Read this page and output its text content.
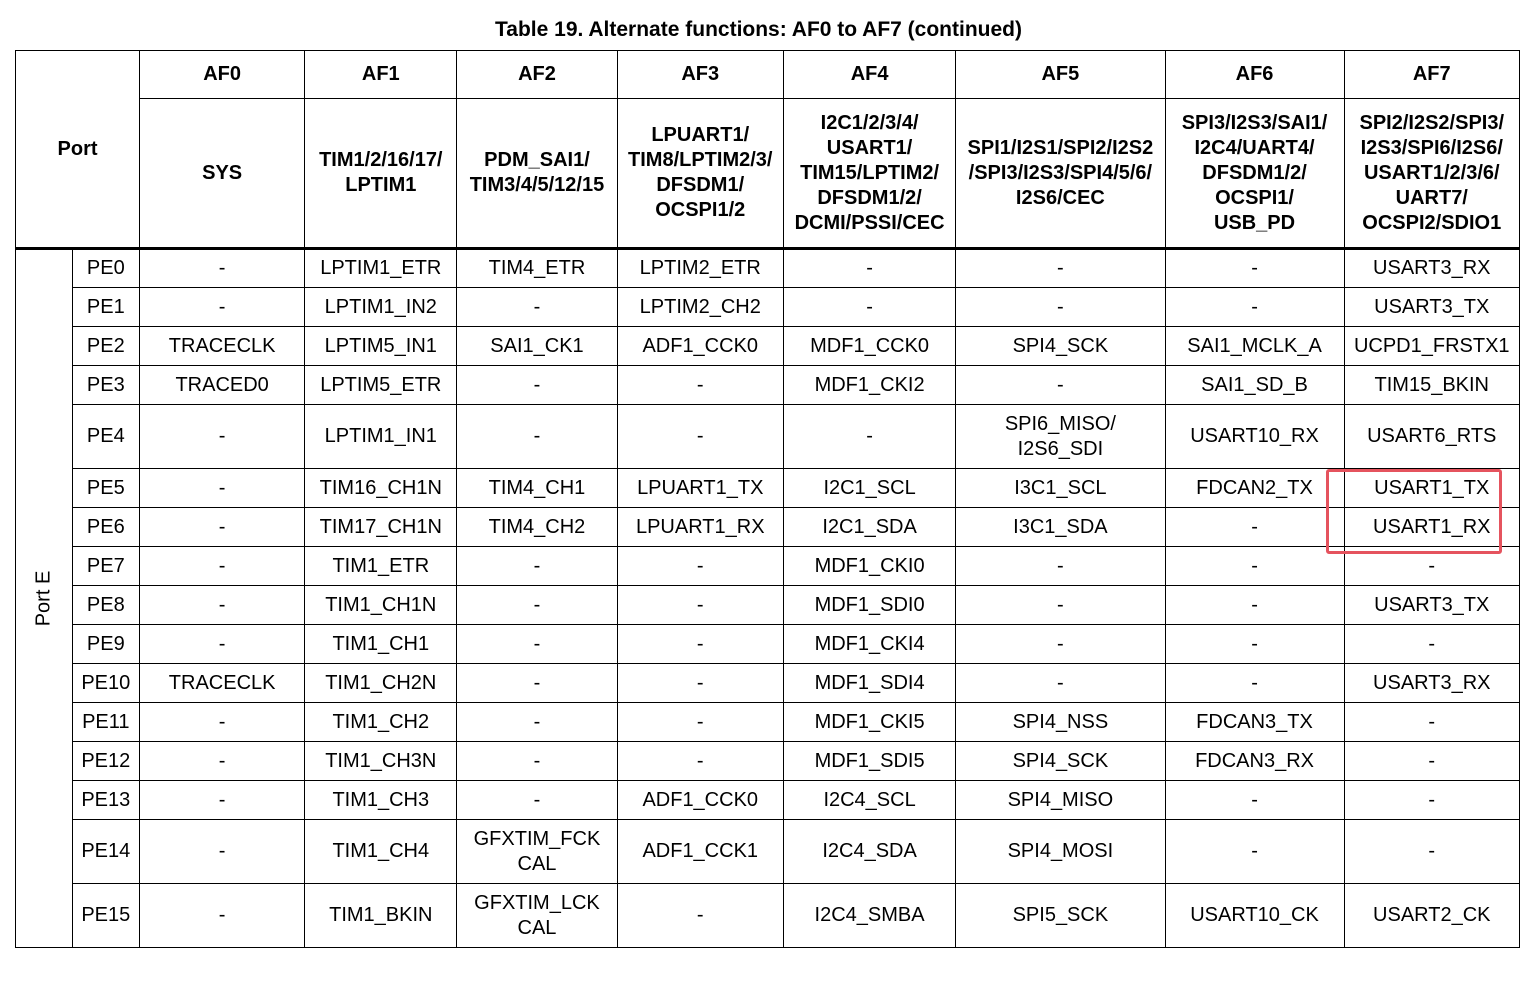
Table 19. Alternate functions: AF0 to AF7 (continued)
Port		AF0	AF1	AF2	AF3	AF4	AF5	AF6	AF7
		SYS	TIM1/2/16/17/
LPTIM1	PDM_SAI1/
TIM3/4/5/12/15	LPUART1/
TIM8/LPTIM2/3/
DFSDM1/
OCSPI1/2	I2C1/2/3/4/
USART1/
TIM15/LPTIM2/
DFSDM1/2/
DCMI/PSSI/CEC	SPI1/I2S1/SPI2/I2S2
/SPI3/I2S3/SPI4/5/6/
I2S6/CEC	SPI3/I2S3/SAI1/
I2C4/UART4/
DFSDM1/2/
OCSPI1/
USB_PD	SPI2/I2S2/SPI3/
I2S3/SPI6/I2S6/
USART1/2/3/6/
UART7/
OCSPI2/SDIO1
Port E	PE0	-	LPTIM1_ETR	TIM4_ETR	LPTIM2_ETR	-	-	-	USART3_RX
	PE1	-	LPTIM1_IN2	-	LPTIM2_CH2	-	-	-	USART3_TX
	PE2	TRACECLK	LPTIM5_IN1	SAI1_CK1	ADF1_CCK0	MDF1_CCK0	SPI4_SCK	SAI1_MCLK_A	UCPD1_FRSTX1
	PE3	TRACED0	LPTIM5_ETR	-	-	MDF1_CKI2	-	SAI1_SD_B	TIM15_BKIN
	PE4	-	LPTIM1_IN1	-	-	-	SPI6_MISO/
I2S6_SDI	USART10_RX	USART6_RTS
	PE5	-	TIM16_CH1N	TIM4_CH1	LPUART1_TX	I2C1_SCL	I3C1_SCL	FDCAN2_TX	USART1_TX
	PE6	-	TIM17_CH1N	TIM4_CH2	LPUART1_RX	I2C1_SDA	I3C1_SDA	-	USART1_RX
	PE7	-	TIM1_ETR	-	-	MDF1_CKI0	-	-	-
	PE8	-	TIM1_CH1N	-	-	MDF1_SDI0	-	-	USART3_TX
	PE9	-	TIM1_CH1	-	-	MDF1_CKI4	-	-	-
	PE10	TRACECLK	TIM1_CH2N	-	-	MDF1_SDI4	-	-	USART3_RX
	PE11	-	TIM1_CH2	-	-	MDF1_CKI5	SPI4_NSS	FDCAN3_TX	-
	PE12	-	TIM1_CH3N	-	-	MDF1_SDI5	SPI4_SCK	FDCAN3_RX	-
	PE13	-	TIM1_CH3	-	ADF1_CCK0	I2C4_SCL	SPI4_MISO	-	-
	PE14	-	TIM1_CH4	GFXTIM_FCK
CAL	ADF1_CCK1	I2C4_SDA	SPI4_MOSI	-	-
	PE15	-	TIM1_BKIN	GFXTIM_LCK
CAL	-	I2C4_SMBA	SPI5_SCK	USART10_CK	USART2_CK
